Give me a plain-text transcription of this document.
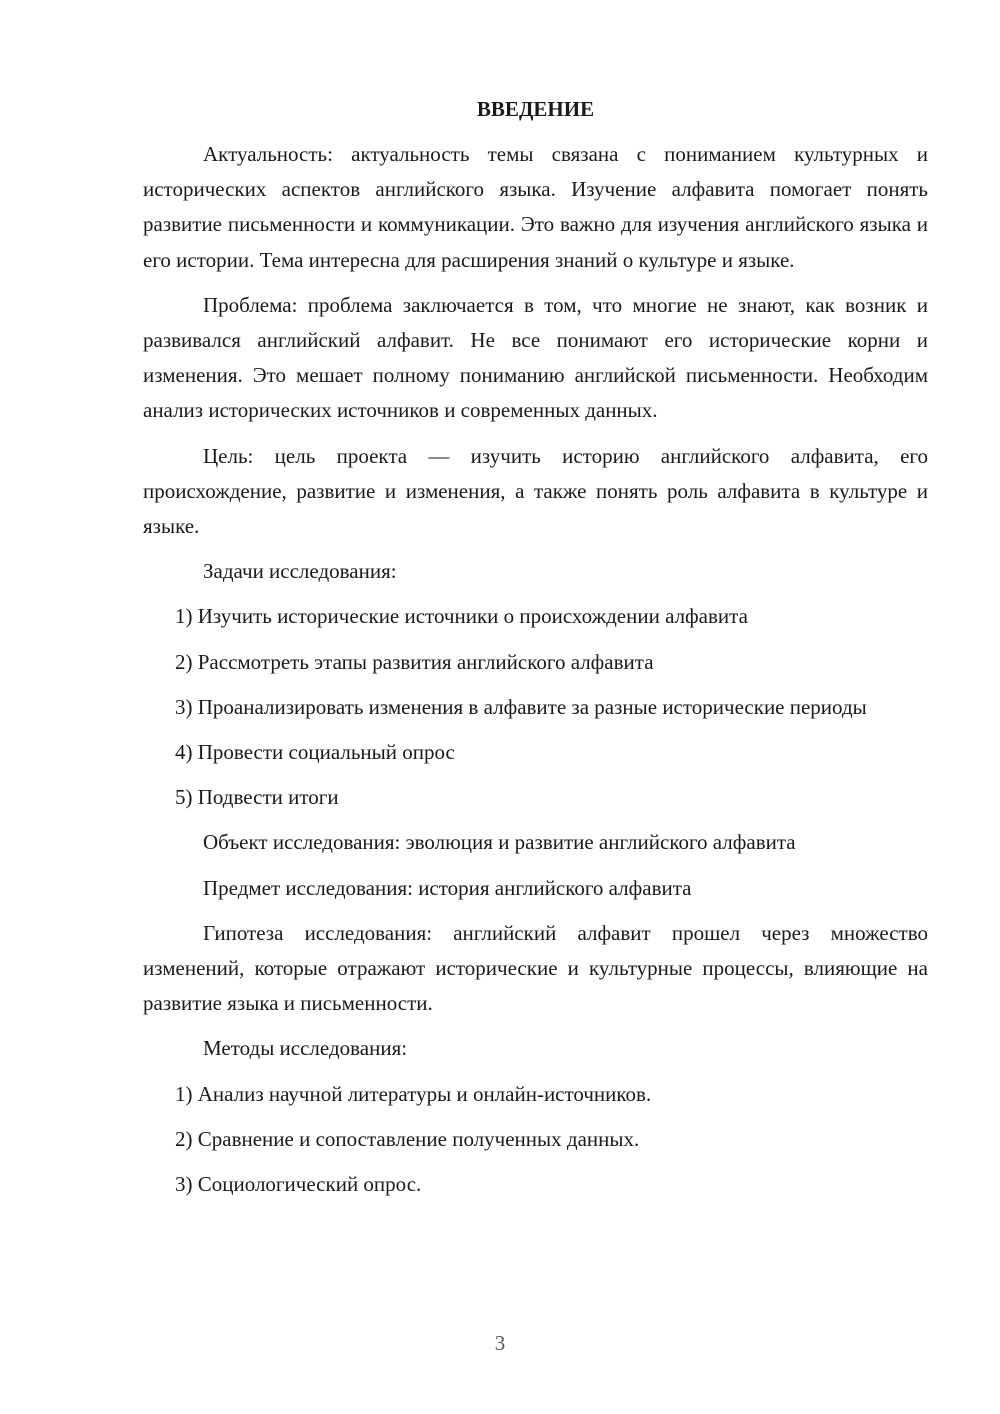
ВВЕДЕНИЕ

Актуальность: актуальность темы связана с пониманием культурных и исторических аспектов английского языка. Изучение алфавита помогает понять развитие письменности и коммуникации. Это важно для изучения английского языка и его истории. Тема интересна для расширения знаний о культуре и языке.

Проблема: проблема заключается в том, что многие не знают, как возник и развивался английский алфавит. Не все понимают его исторические корни и изменения. Это мешает полному пониманию английской письменности. Необходим анализ исторических источников и современных данных.

Цель: цель проекта — изучить историю английского алфавита, его происхождение, развитие и изменения, а также понять роль алфавита в культуре и языке.

Задачи исследования:

1) Изучить исторические источники о происхождении алфавита

2) Рассмотреть этапы развития английского алфавита

3) Проанализировать изменения в алфавите за разные исторические периоды

4) Провести социальный опрос

5) Подвести итоги

Объект исследования: эволюция и развитие английского алфавита

Предмет исследования: история английского алфавита

Гипотеза исследования: английский алфавит прошел через множество изменений, которые отражают исторические и культурные процессы, влияющие на развитие языка и письменности.

Методы исследования:

1) Анализ научной литературы и онлайн-источников.

2) Сравнение и сопоставление полученных данных.

3) Социологический опрос.

3
